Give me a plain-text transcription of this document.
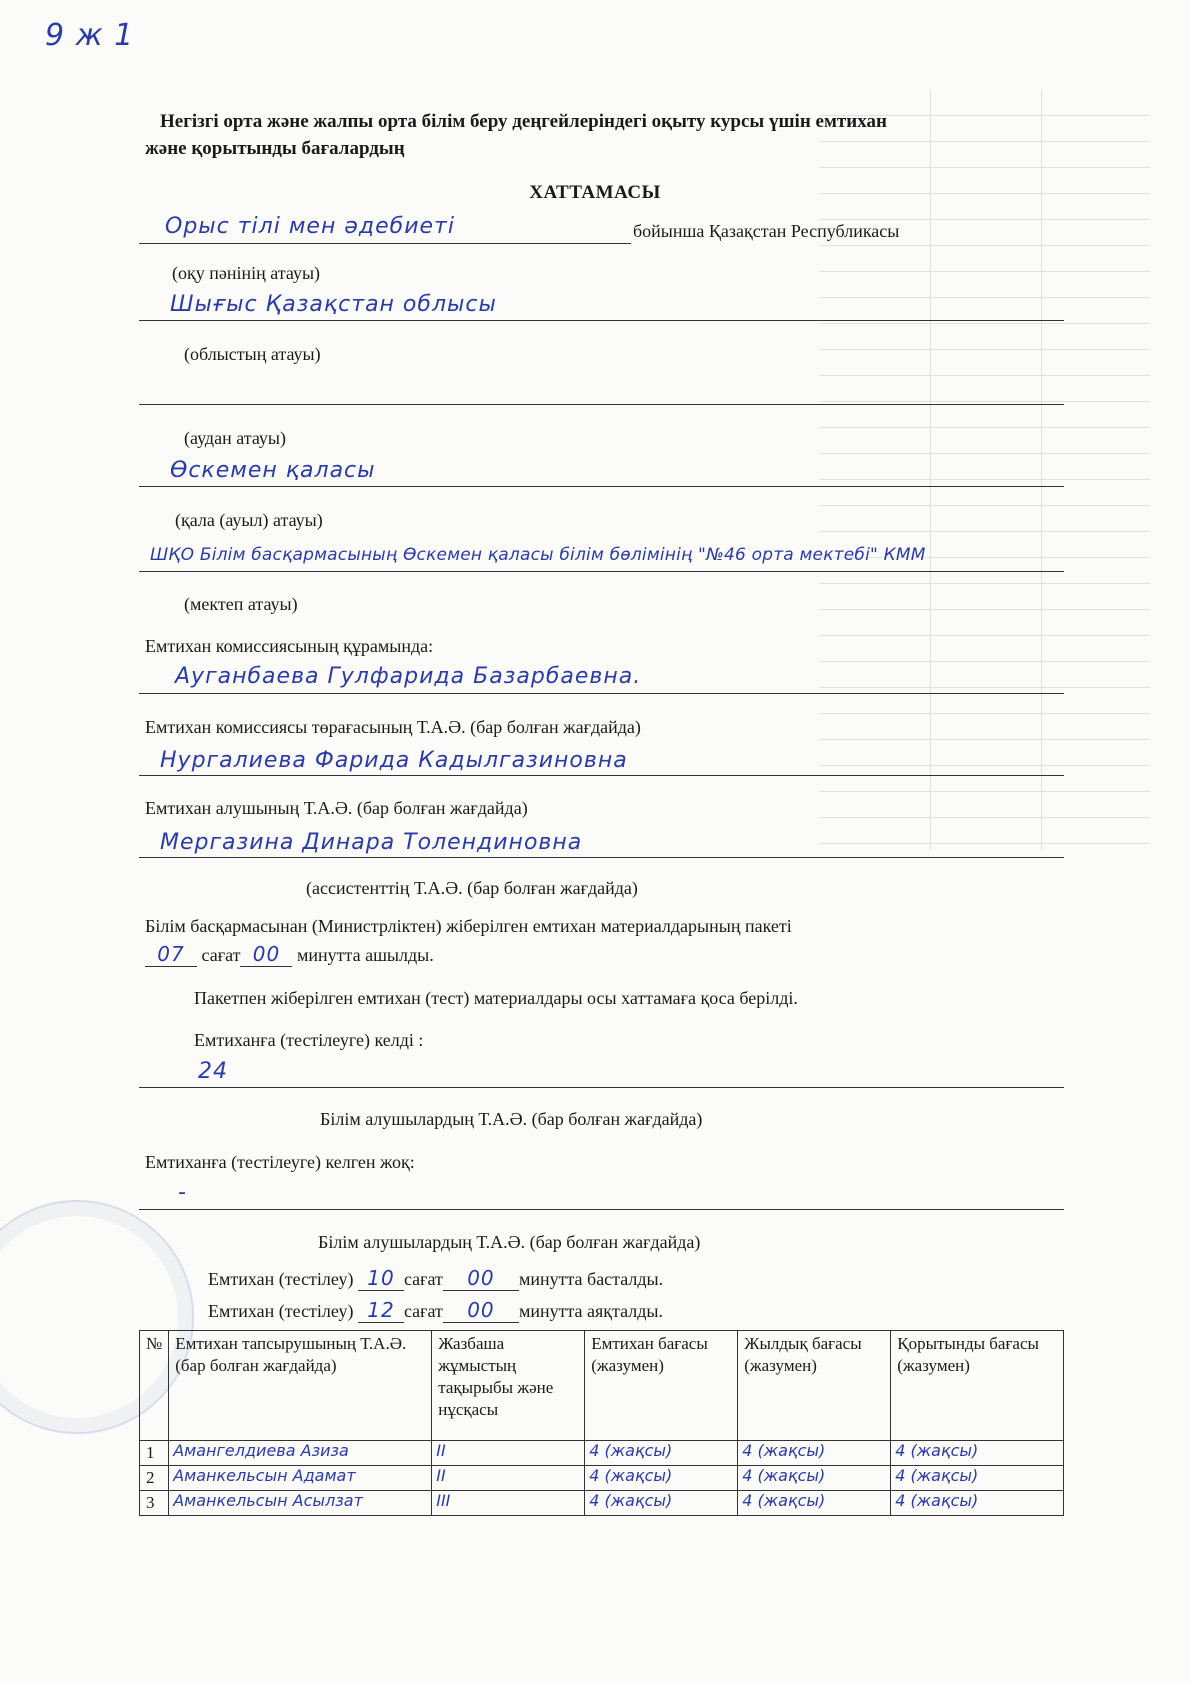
9 ж 1
Негізгі орта және жалпы орта білім беру деңгейлеріндегі оқыту курсы үшін емтихан
және қорытынды бағалардың
ХАТТАМАСЫ
Орыс тілі мен әдебиеті	бойынша Қазақстан Республикасы
(оқу пәнінің атауы)
Шығыс Қазақстан облысы
(облыстың атауы)
(аудан атауы)
Өскемен қаласы
(қала (ауыл) атауы)
ШҚО Білім басқармасының Өскемен қаласы білім бөлімінің "№46 орта мектебі" КММ
(мектеп атауы)
Емтихан комиссиясының құрамында:
Ауганбаева Гулфарида Базарбаевна.
Емтихан комиссиясы төрағасының Т.А.Ә. (бар болған жағдайда)
Нургалиева Фарида Кадылгазиновна
Емтихан алушының Т.А.Ә. (бар болған жағдайда)
Мергазина Динара Толендиновна
(ассистенттің Т.А.Ә. (бар болған жағдайда)
Білім басқармасынан (Министрліктен) жіберілген емтихан материалдарының пакеті
07 сағат 00 минутта ашылды.
Пакетпен жіберілген емтихан (тест) материалдары осы хаттамаға қоса берілді.
Емтиханға (тестілеуге) келді :
24
Білім алушылардың Т.А.Ә. (бар болған жағдайда)
Емтиханға (тестілеуге) келген жоқ:
-
Білім алушылардың Т.А.Ә. (бар болған жағдайда)
Емтихан (тестілеу) 10 сағат 00 минутта басталды.
Емтихан (тестілеу) 12 сағат 00 минутта аяқталды.
№	Емтихан тапсырушының Т.А.Ә. (бар болған жағдайда)	Жазбаша жұмыстың тақырыбы және нұсқасы	Емтихан бағасы (жазумен)	Жылдық бағасы (жазумен)	Қорытынды бағасы (жазумен)
1	Амангелдиева Азиза	II	4 (жақсы)	4 (жақсы)	4 (жақсы)
2	Аманкельсын Адамат	II	4 (жақсы)	4 (жақсы)	4 (жақсы)
3	Аманкельсын Асылзат	III	4 (жақсы)	4 (жақсы)	4 (жақсы)
